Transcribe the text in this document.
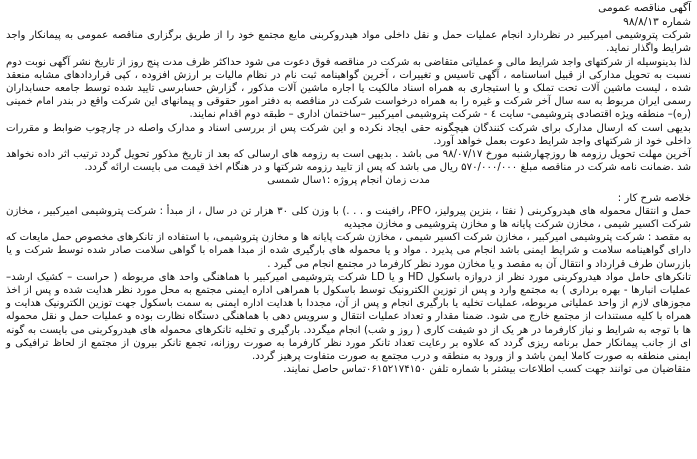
آگهی مناقصه عمومی

شماره ۹۸/۸/۱۳

شرکت پتروشیمی امیرکبیر در نظردارد انجام عملیات حمل و نقل داخلی مواد هیدروکربنی مایع مجتمع خود را از طریق برگزاری مناقصه عمومی به پیمانکار واجد شرایط واگذار نماید.

لذا بدینوسیله از شرکتهای واجد شرایط مالی و عملیاتی متقاضی به شرکت در مناقصه فوق دعوت می شود حداکثر ظرف مدت پنج روز از تاریخ نشر آگهی نوبت دوم نسبت به تحویل مدارکی از قبیل اساسنامه ، آگهی تاسیس و تغییرات ، آخرین گواهینامه ثبت نام در نظام مالیات بر ارزش افزوده ، کپی قراردادهای مشابه منعقد شده ، لیست ماشین آلات تحت تملک و یا استیجاری به همراه اسناد مالکیت یا اجاره ماشین آلات مذکور ، گزارش حسابرسی تایید شده توسط جامعه حسابداران رسمی ایران مربوط به سه سال آخر شرکت و غیره را به همراه درخواست شرکت در مناقصه به دفتر امور حقوقی و پیمانهای این شرکت واقع در بندر امام خمینی (ره)– منطقه ویژه اقتصادی پتروشیمی- سایت ٤ - شرکت پتروشیمی امیرکبیر –ساختمان اداری – طبقه دوم اقدام نمایند.

بدیهی است که ارسال مدارک برای شرکت کنندگان هیچگونه حقی ایجاد نکرده و این شرکت پس از بررسی اسناد و مدارک واصله در چارچوب ضوابط و مقررات داخلی خود از شرکتهای واجد شرایط دعوت بعمل خواهد آورد.

آخرین مهلت تحویل رزومه ها روزچهارشنبه مورخ ۹۸/۰۷/۱۷ می باشد . بدیهی است به رزومه های ارسالی که بعد از تاریخ مذکور تحویل گردد ترتیب اثر داده نخواهد شد .ضمانت نامه شرکت در مناقصه مبلغ ۵۷۰/۰۰۰/۰۰۰ ریال می باشد که پس از تایید رزومه شرکتها و در هنگام اخذ قیمت می بایست ارائه گردد.

مدت زمان انجام پروژه :۱سال شمسی

خلاصه شرح کار :

حمل و انتقال محموله های هیدروکربنی ( نفتا ، بنزین پیرولیز، PFO، رافینت و . . .) با وزن کلی ۳۰ هزار تن در سال ، از مبدأ : شرکت پتروشیمی امیرکبیر ، مخازن شرکت اکسیر شیمی ، مخازن شرکت پایانه ها و مخازن پتروشیمی و مخازن مجیدیه

به مقصد : شرکت پتروشیمی امیرکبیر ، مخازن شرکت اکسیر شیمی ، مخازن شرکت پایانه ها و مخازن پتروشیمی، با استفاده از تانکرهای مخصوص حمل مایعات که دارای گواهینامه سلامت و شرایط ایمنی باشد انجام می پذیرد . مواد و یا محموله های بارگیری شده از مبدا همراه با گواهی سلامت صادر شده توسط شرکت و یا بازرسان طرف قرارداد و انتقال آن به مقصد و یا مخازن مورد نظر کارفرما در مجتمع انجام می گیرد .

تانکرهای حامل مواد هیدروکربنی مورد نظر از دروازه باسکول HD و یا LD شرکت پتروشیمی امیرکبیر با هماهنگی واحد های مربوطه ( حراست – کشیک ارشد–عملیات انبارها - بهره برداری ) به مجتمع وارد و پس از توزین الکترونیک توسط باسکول با همراهی اداره ایمنی مجتمع به محل مورد نظر هدایت شده و پس از اخذ مجوزهای لازم از واحد عملیاتی مربوطه، عملیات تخلیه یا بارگیری انجام و پس از آن، مجددا با هدایت اداره ایمنی به سمت باسکول جهت توزین الکترونیک هدایت و همراه با کلیه مستندات از مجتمع خارج می شود. ضمنا مقدار و تعداد عملیات انتقال و سرویس دهی با هماهنگی دستگاه نظارت بوده و عملیات حمل و نقل محموله ها با توجه به شرایط و نیاز کارفرما در هر یک از دو شیفت کاری ( روز و شب) انجام میگردد. بارگیری و تخلیه تانکرهای محموله های هیدروکربنی می بایست به گونه ای از جانب پیمانکار حمل برنامه ریزی گردد که علاوه بر رعایت تعداد تانکر مورد نظر کارفرما به صورت روزانه، تجمع تانکر بیرون از مجتمع از لحاظ ترافیکی و ایمنی منطقه به صورت کاملا ایمن باشد و از ورود به منطقه و درب مجتمع به صورت متفاوت پرهیز گردد.

متقاضیان می توانند جهت کسب اطلاعات بیشتر با شماره تلفن ۰۶۱۵۲۱۷۴۱۵۰تماس حاصل نمایند.
